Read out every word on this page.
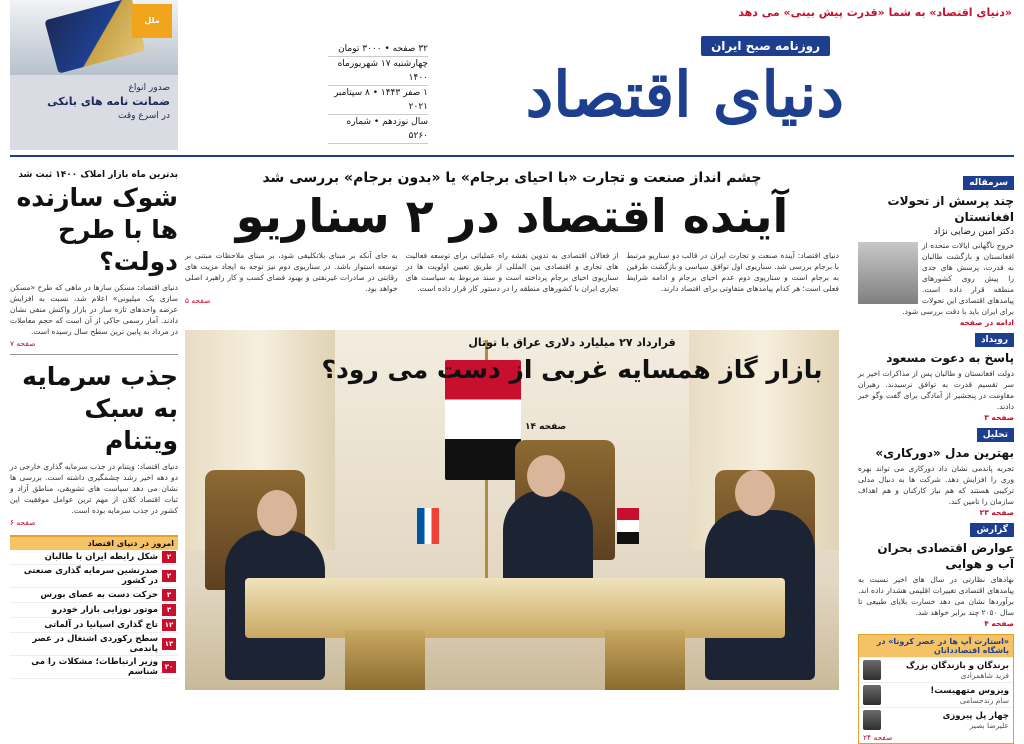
«دنیای اقتصاد» به شما «قدرت پیش بینی» می دهد
روزنامه صبح ایران
دنیای اقتصاد
۳۲ صفحه • ۳۰۰۰ تومان
چهارشنبه ۱۷ شهریورماه ۱۴۰۰
۱ صفر ۱۴۴۳ • ۸ سپتامبر ۲۰۲۱
سال نوزدهم • شماره ۵۲۶۰
ملل
صدور انواع
ضمانت نامه های بانکی
در اسرع وقت
سرمقاله
چند پرسش از تحولات افغانستان
دکتر امین رضایی نژاد
خروج ناگهانی ایالات متحده از افغانستان و بازگشت طالبان به قدرت، پرسش های جدی را پیش روی کشورهای منطقه قرار داده است. پیامدهای اقتصادی این تحولات برای ایران باید با دقت بررسی شود.
ادامه در صفحه
رویداد
پاسخ به دعوت مسعود
دولت افغانستان و طالبان پس از مذاکرات اخیر بر سر تقسیم قدرت به توافق نرسیدند. رهبران مقاومت در پنجشیر از آمادگی برای گفت وگو خبر دادند.
صفحه ۳
تحلیل
بهترین مدل «دورکاری»
تجربه پاندمی نشان داد دورکاری می تواند بهره وری را افزایش دهد. شرکت ها به دنبال مدلی ترکیبی هستند که هم نیاز کارکنان و هم اهداف سازمان را تامین کند.
صفحه ۲۳
گزارش
عوارض اقتصادی بحران آب و هوایی
نهادهای نظارتی در سال های اخیر نسبت به پیامدهای اقتصادی تغییرات اقلیمی هشدار داده اند. برآوردها نشان می دهد خسارت بلایای طبیعی تا سال ۲۰۵۰ چند برابر خواهد شد.
صفحه ۴
«استارت آپ ها در عصر کرونا» در باشگاه اقتصاددانان
برندگان و بازندگان بزرگ
فرید شاهمرادی
ویروس متههیست!
سام رندحسامی
چهار پل پیروزی
علیرضا بصیر
صفحه ۲۴
بدترین ماه بازار املاک ۱۴۰۰ ثبت شد
شوک سازنده ها با طرح دولت؟
دنیای اقتصاد: مسکن سازها در ماهی که طرح «مسکن سازی یک میلیونی» اعلام شد، نسبت به افزایش عرضه واحدهای تازه ساز در بازار واکنش منفی نشان دادند. آمار رسمی حاکی از آن است که حجم معاملات در مرداد به پایین ترین سطح سال رسیده است.
صفحه ۷
جذب سرمایه به سبک ویتنام
دنیای اقتصاد: ویتنام در جذب سرمایه گذاری خارجی در دو دهه اخیر رشد چشمگیری داشته است. بررسی ها نشان می دهد سیاست های تشویقی، مناطق آزاد و ثبات اقتصاد کلان از مهم ترین عوامل موفقیت این کشور در جذب سرمایه بوده است.
صفحه ۶
امروز در دنیای اقتصاد
۲
شکل رابطه ایران با طالبان
۲
صدرنشین سرمایه گذاری صنعتی در کشور
۳
حرکت دست به عصای بورس
۳
موتور نوزایی بازار خودرو
۱۲
تاج گذاری اسپانیا در آلماتی
۱۳
سطح رکوردی اشتغال در عصر پاندمی
۳۰
وزیر ارتباطات؛ مشکلات را می شناسم
چشم انداز صنعت و تجارت «با احیای برجام» یا «بدون برجام» بررسی شد
آینده اقتصاد در ۲ سناریو
دنیای اقتصاد: آینده صنعت و تجارت ایران در قالب دو سناریو مرتبط با برجام بررسی شد. سناریوی اول توافق سیاسی و بازگشت طرفین به برجام است و سناریوی دوم عدم احیای برجام و ادامه شرایط فعلی است؛ هر کدام پیامدهای متفاوتی برای اقتصاد دارند.
از فعالان اقتصادی به تدوین نقشه راه عملیاتی برای توسعه فعالیت های تجاری و اقتصادی بین المللی از طریق تعیین اولویت ها در سناریوی احیای برجام پرداخته است و سند مربوط به سیاست های تجاری ایران با کشورهای منطقه را در دستور کار قرار داده است.
به جای آنکه بر مبنای بلاتکلیفی شود، بر مبنای ملاحظات مبتنی بر توسعه استوار باشد. در سناریوی دوم نیز توجه به ایجاد مزیت های رقابتی در صادرات غیرنفتی و بهبود فضای کسب و کار راهبرد اصلی خواهد بود.
صفحه ۵
قرارداد ۲۷ میلیارد دلاری عراق با توتال
بازار گاز همسایه غربی از دست می رود؟
صفحه ۱۴
